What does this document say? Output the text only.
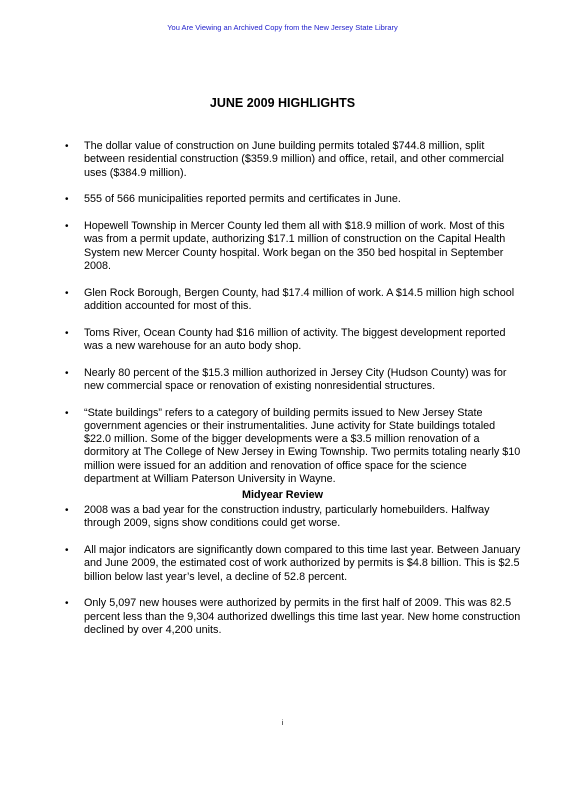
You Are Viewing an Archived Copy from the New Jersey State Library
JUNE 2009 HIGHLIGHTS
• The dollar value of construction on June building permits totaled $744.8 million, split between residential construction ($359.9 million) and office, retail, and other commercial uses ($384.9 million).
• 555 of 566 municipalities reported permits and certificates in June.
• Hopewell Township in Mercer County led them all with $18.9 million of work. Most of this was from a permit update, authorizing $17.1 million of construction on the Capital Health System new Mercer County hospital. Work began on the 350 bed hospital in September 2008.
• Glen Rock Borough, Bergen County, had $17.4 million of work. A $14.5 million high school addition accounted for most of this.
• Toms River, Ocean County had $16 million of activity. The biggest development reported was a new warehouse for an auto body shop.
• Nearly 80 percent of the $15.3 million authorized in Jersey City (Hudson County) was for new commercial space or renovation of existing nonresidential structures.
• “State buildings” refers to a category of building permits issued to New Jersey State government agencies or their instrumentalities. June activity for State buildings totaled $22.0 million. Some of the bigger developments were a $3.5 million renovation of a dormitory at The College of New Jersey in Ewing Township. Two permits totaling nearly $10 million were issued for an addition and renovation of office space for the science department at William Paterson University in Wayne.
Midyear Review
• 2008 was a bad year for the construction industry, particularly homebuilders. Halfway through 2009, signs show conditions could get worse.
• All major indicators are significantly down compared to this time last year. Between January and June 2009, the estimated cost of work authorized by permits is $4.8 billion. This is $2.5 billion below last year’s level, a decline of 52.8 percent.
• Only 5,097 new houses were authorized by permits in the first half of 2009. This was 82.5 percent less than the 9,304 authorized dwellings this time last year. New home construction declined by over 4,200 units.
i
